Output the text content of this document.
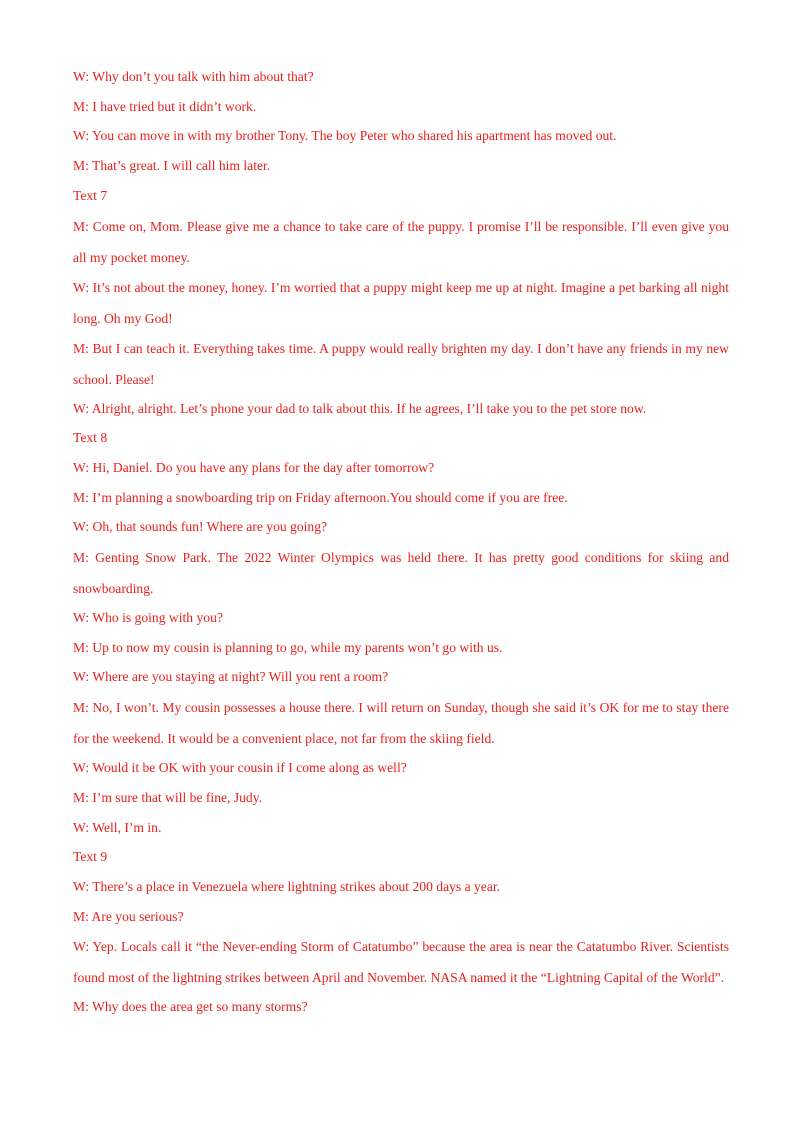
W: Why don’t you talk with him about that?
M: I have tried but it didn’t work.
W: You can move in with my brother Tony. The boy Peter who shared his apartment has moved out.
M: That’s great. I will call him later.
Text 7
M: Come on, Mom. Please give me a chance to take care of the puppy. I promise I’ll be responsible. I’ll even give you all my pocket money.
W: It’s not about the money, honey. I’m worried that a puppy might keep me up at night. Imagine a pet barking all night long. Oh my God!
M: But I can teach it. Everything takes time. A puppy would really brighten my day. I don’t have any friends in my new school. Please!
W: Alright, alright. Let’s phone your dad to talk about this. If he agrees, I’ll take you to the pet store now.
Text 8
W: Hi, Daniel. Do you have any plans for the day after tomorrow?
M: I’m planning a snowboarding trip on Friday afternoon.You should come if you are free.
W: Oh, that sounds fun! Where are you going?
M: Genting Snow Park. The 2022 Winter Olympics was held there. It has pretty good conditions for skiing and snowboarding.
W: Who is going with you?
M: Up to now my cousin is planning to go, while my parents won’t go with us.
W: Where are you staying at night? Will you rent a room?
M: No, I won’t. My cousin possesses a house there. I will return on Sunday, though she said it’s OK for me to stay there for the weekend. It would be a convenient place, not far from the skiing field.
W: Would it be OK with your cousin if I come along as well?
M: I’m sure that will be fine, Judy.
W: Well, I’m in.
Text 9
W: There’s a place in Venezuela where lightning strikes about 200 days a year.
M: Are you serious?
W: Yep. Locals call it “the Never-ending Storm of Catatumbo” because the area is near the Catatumbo River. Scientists found most of the lightning strikes between April and November. NASA named it the “Lightning Capital of the World”.
M: Why does the area get so many storms?
